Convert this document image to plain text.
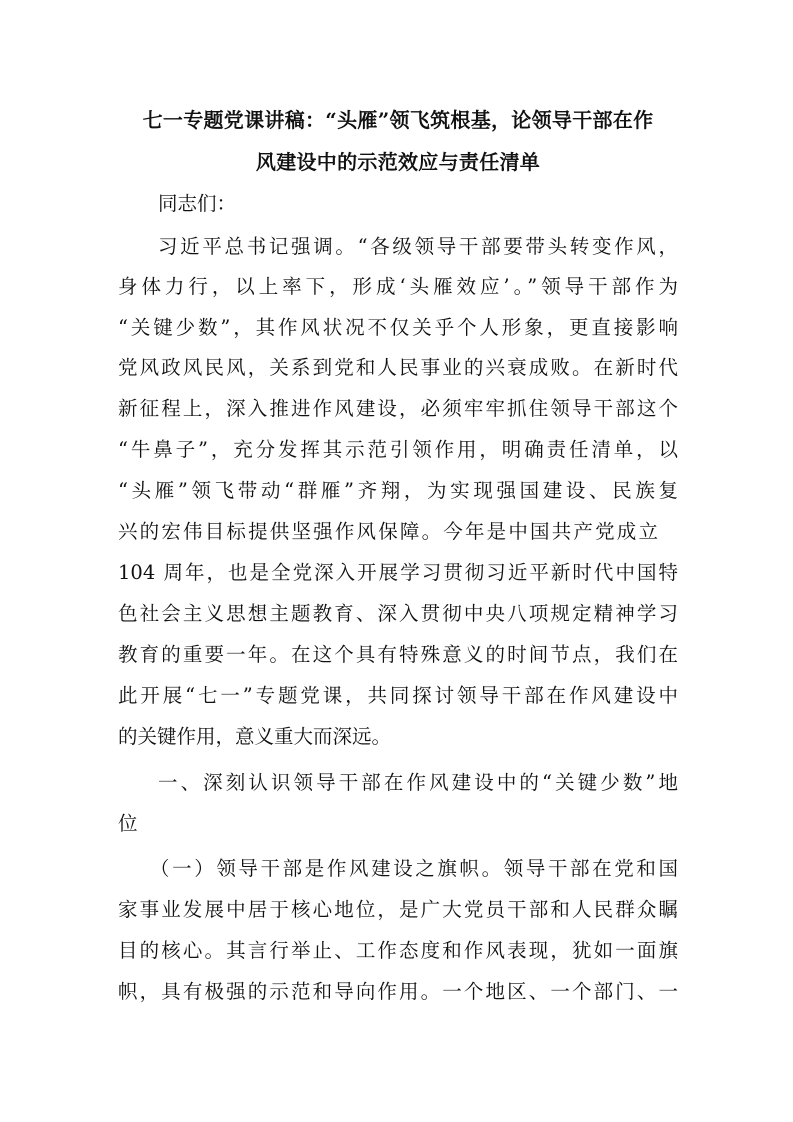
七一专题党课讲稿：“头雁”领飞筑根基，论领导干部在作
风建设中的示范效应与责任清单
同志们：
习近平总书记强调。“各级领导干部要带头转变作风，
身体力行，以上率下，形成‘头雁效应’。”领导干部作为
“关键少数”，其作风状况不仅关乎个人形象，更直接影响
党风政风民风，关系到党和人民事业的兴衰成败。在新时代
新征程上，深入推进作风建设，必须牢牢抓住领导干部这个
“牛鼻子”，充分发挥其示范引领作用，明确责任清单，以
“头雁”领飞带动“群雁”齐翔，为实现强国建设、民族复
兴的宏伟目标提供坚强作风保障。今年是中国共产党成立
104 周年，也是全党深入开展学习贯彻习近平新时代中国特
色社会主义思想主题教育、深入贯彻中央八项规定精神学习
教育的重要一年。在这个具有特殊意义的时间节点，我们在
此开展“七一”专题党课，共同探讨领导干部在作风建设中
的关键作用，意义重大而深远。
一、深刻认识领导干部在作风建设中的“关键少数”地
位
（一）领导干部是作风建设之旗帜。领导干部在党和国
家事业发展中居于核心地位，是广大党员干部和人民群众瞩
目的核心。其言行举止、工作态度和作风表现，犹如一面旗
帜，具有极强的示范和导向作用。一个地区、一个部门、一
